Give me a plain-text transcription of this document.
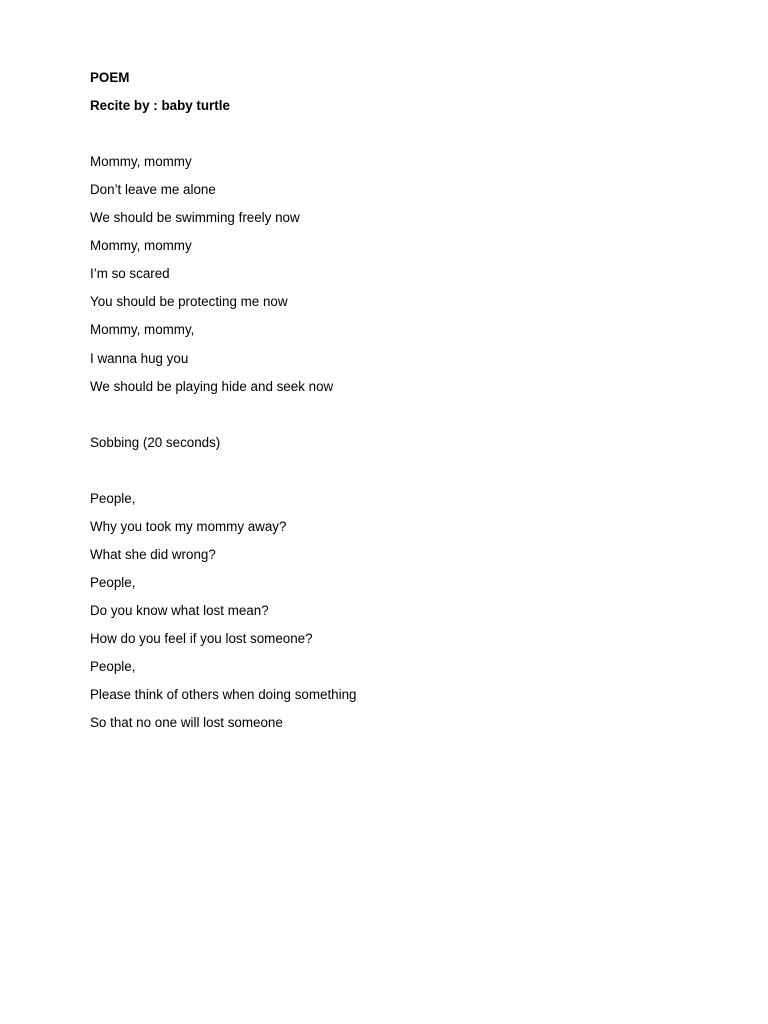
POEM
Recite by : baby turtle
Mommy, mommy
Don’t leave me alone
We should be swimming freely now
Mommy, mommy
I’m so scared
You should be protecting me now
Mommy, mommy,
I wanna hug you
We should be playing hide and seek now
Sobbing (20 seconds)
People,
Why you took my mommy away?
What she did wrong?
People,
Do you know what lost mean?
How do you feel if you lost someone?
People,
Please think of others when doing something
So that no one will lost someone
